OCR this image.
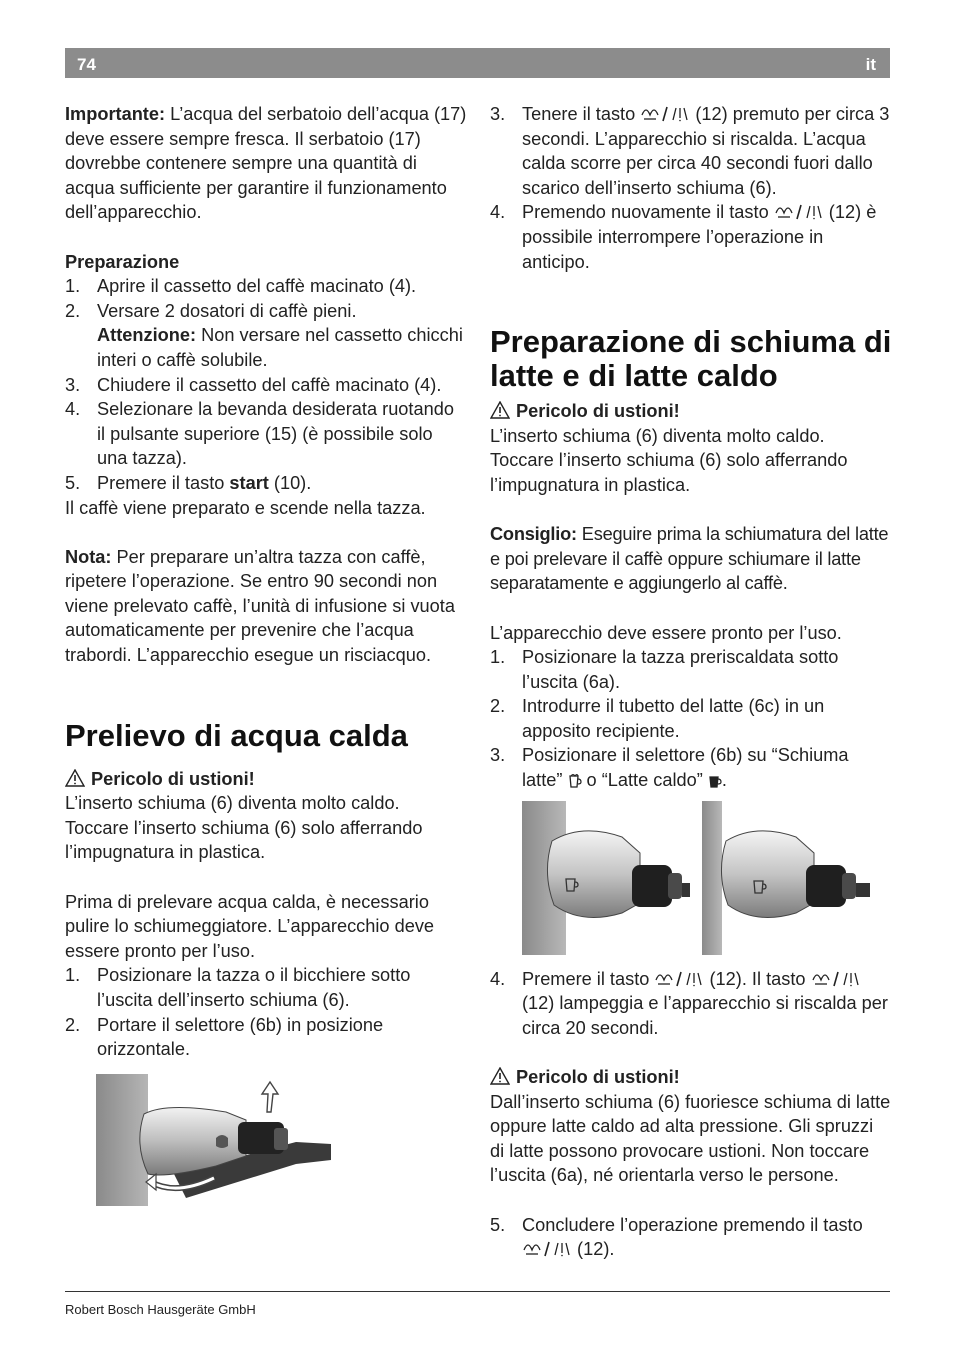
74	it

Importante: L’acqua del serbatoio dell’acqua (17) deve essere sempre fresca. Il serbatoio (17) dovrebbe contenere sempre una quantità di acqua sufficiente per garantire il funzionamento dell’apparecchio.

Preparazione

1. Aprire il cassetto del caffè macinato (4).
2. Versare 2 dosatori di caffè pieni.
Attenzione: Non versare nel cassetto chicchi interi o caffè solubile.
3. Chiudere il cassetto del caffè macinato (4).
4. Selezionare la bevanda desiderata ruotando il pulsante superiore (15) (è possibile solo una tazza).
5. Premere il tasto start (10).

Il caffè viene preparato e scende nella tazza.

Nota: Per preparare un’altra tazza con caffè, ripetere l’operazione. Se entro 90 secondi non viene prelevato caffè, l’unità di infusione si vuota automaticamente per prevenire che l’acqua trabordi. L’apparecchio esegue un risciacquo.

Prelievo di acqua calda

Pericolo di ustioni!

L’inserto schiuma (6) diventa molto caldo. Toccare l’inserto schiuma (6) solo afferrando l’impugnatura in plastica.

Prima di prelevare acqua calda, è necessario pulire lo schiumeggiatore. L’apparecchio deve essere pronto per l’uso.

1. Posizionare la tazza o il bicchiere sotto l’uscita dell’inserto schiuma (6).
2. Portare il selettore (6b) in posizione orizzontale.
3. Tenere il tasto	(12) premuto per circa 3 secondi. L’apparecchio si riscalda. L’acqua calda scorre per circa 40 secondi fuori dallo scarico dell’inserto schiuma (6).
4. Premendo nuovamente il tasto	(12) è possibile interrompere l’operazione in anticipo.
Preparazione di schiuma di latte e di latte caldo

Pericolo di ustioni!

L’inserto schiuma (6) diventa molto caldo. Toccare l’inserto schiuma (6) solo afferrando l’impugnatura in plastica.

Consiglio: Eseguire prima la schiumatura del latte e poi prelevare il caffè oppure schiumare il latte separatamente e aggiungerlo al caffè.

L’apparecchio deve essere pronto per l’uso.

1. Posizionare la tazza preriscaldata sotto l’uscita (6a).
2. Introdurre il tubetto del latte (6c) in un apposito recipiente.
3. Posizionare il selettore (6b) su “Schiuma latte”  o “Latte caldo” .
4. Premere il tasto	(12). Il tasto  (12) lampeggia e l’apparecchio si riscalda per circa 20 secondi.

Pericolo di ustioni!

Dall’inserto schiuma (6) fuoriesce schiuma di latte oppure latte caldo ad alta pressione. Gli spruzzi di latte possono provocare ustioni. Non toccare l’uscita (6a), né orientarla verso le persone.

5. Concludere l’operazione premendo il tasto  (12).
Robert Bosch Hausgeräte GmbH
